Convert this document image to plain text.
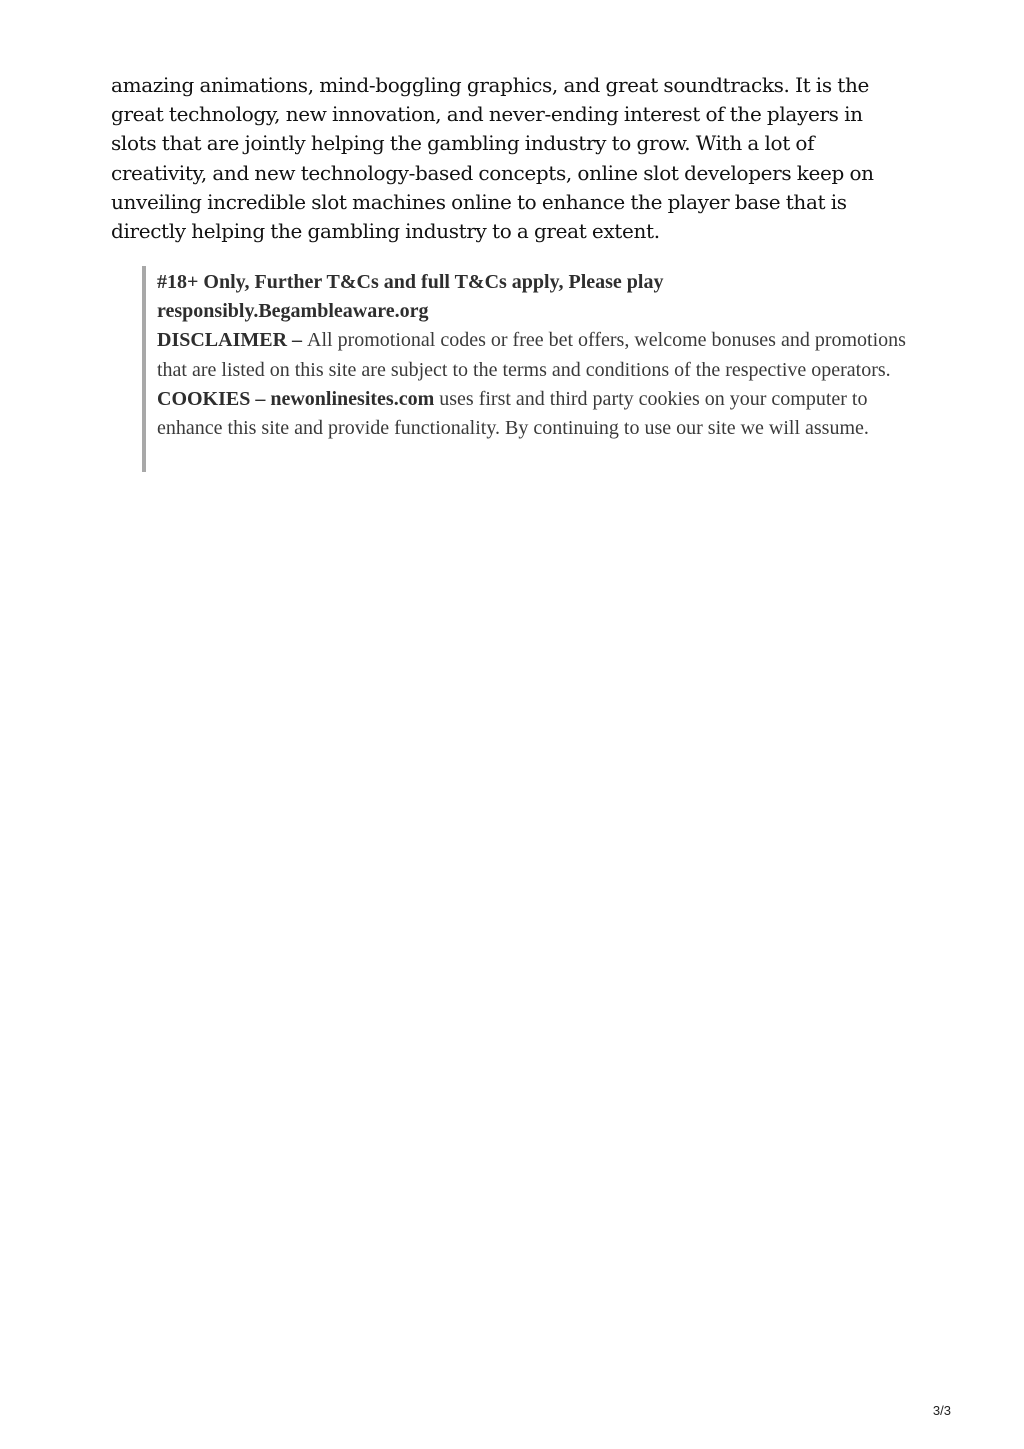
amazing animations, mind-boggling graphics, and great soundtracks. It is the great technology, new innovation, and never-ending interest of the players in slots that are jointly helping the gambling industry to grow. With a lot of creativity, and new technology-based concepts, online slot developers keep on unveiling incredible slot machines online to enhance the player base that is directly helping the gambling industry to a great extent.

#18+ Only, Further T&Cs and full T&Cs apply, Please play responsibly.Begambleaware.org
DISCLAIMER – All promotional codes or free bet offers, welcome bonuses and promotions that are listed on this site are subject to the terms and conditions of the respective operators. COOKIES – newonlinesites.com uses first and third party cookies on your computer to enhance this site and provide functionality. By continuing to use our site we will assume.

3/3
